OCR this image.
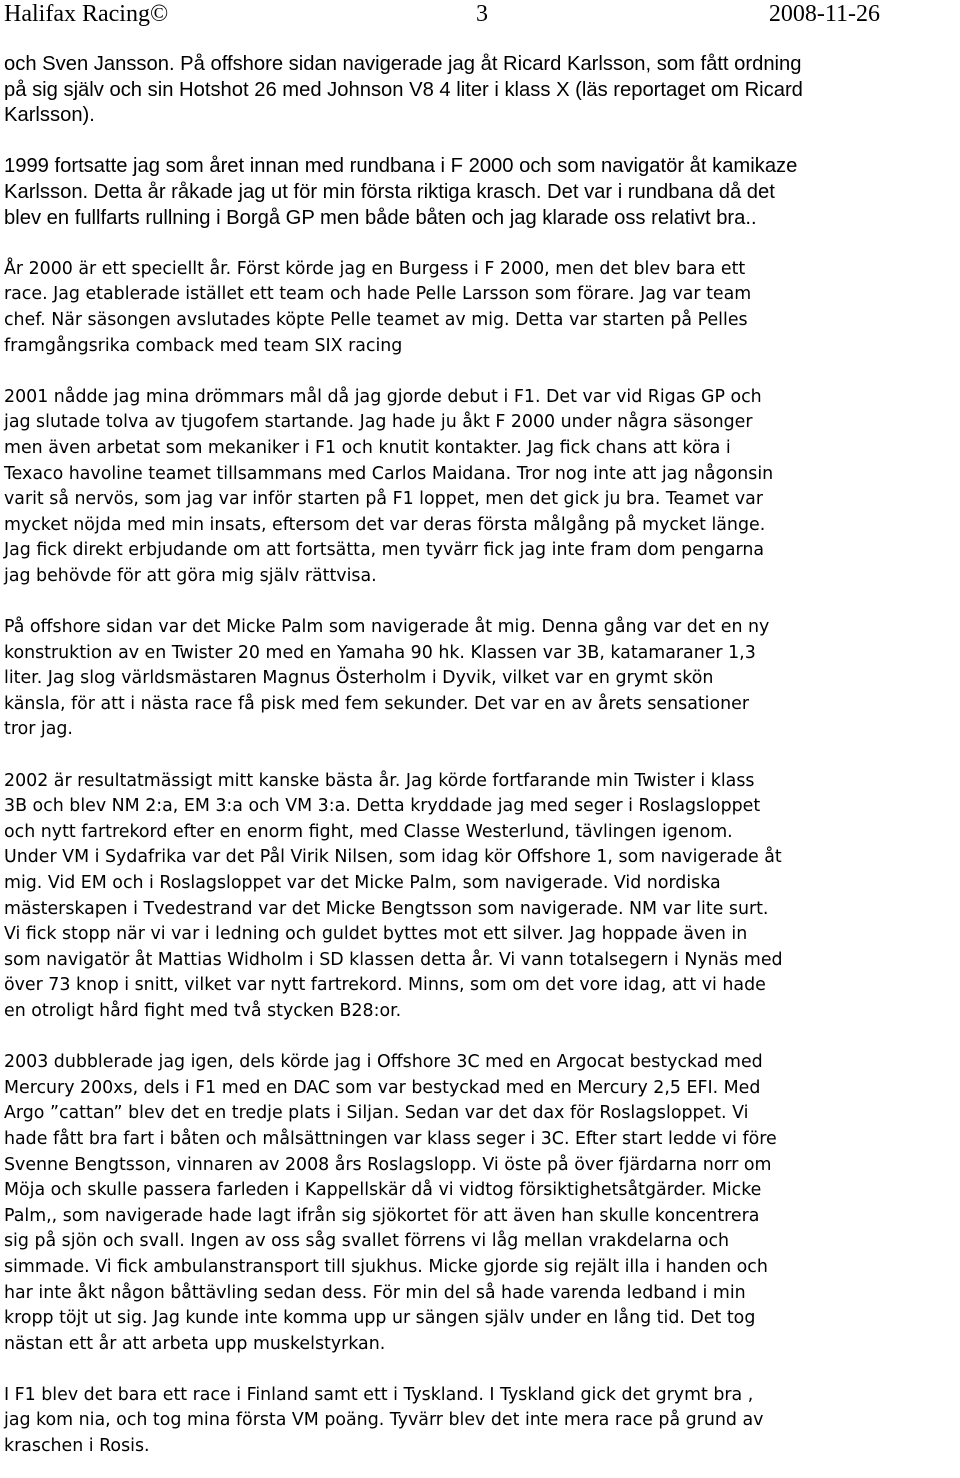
Halifax Racing©	3	2008-11-26
och Sven Jansson. På offshore sidan navigerade jag åt Ricard Karlsson, som fått ordning
på sig själv och sin Hotshot 26 med Johnson V8 4 liter i klass X (läs reportaget om Ricard
Karlsson).
1999 fortsatte jag som året innan med rundbana i F 2000 och som navigatör åt kamikaze
Karlsson. Detta år råkade jag ut för min första riktiga krasch. Det var i rundbana då det
blev en fullfarts rullning i Borgå GP men både båten och jag klarade oss relativt bra..
År 2000 är ett speciellt år. Först körde jag en Burgess i F 2000, men det blev bara ett
race. Jag etablerade istället ett team och hade Pelle Larsson som förare. Jag var team
chef. När säsongen avslutades köpte Pelle teamet av mig. Detta var starten på Pelles
framgångsrika comback med team SIX racing
2001 nådde jag mina drömmars mål då jag gjorde debut i F1. Det var vid Rigas GP och
jag slutade tolva av tjugofem startande. Jag hade ju åkt F 2000 under några säsonger
men även arbetat som mekaniker i F1 och knutit kontakter. Jag fick chans att köra i
Texaco havoline teamet tillsammans med Carlos Maidana. Tror nog inte att jag någonsin
varit så nervös, som jag var inför starten på F1 loppet, men det gick ju bra. Teamet var
mycket nöjda med min insats, eftersom det var deras första målgång på mycket länge.
Jag fick direkt erbjudande om att fortsätta, men tyvärr fick jag inte fram dom pengarna
jag behövde för att göra mig själv rättvisa.
På offshore sidan var det Micke Palm som navigerade åt mig. Denna gång var det en ny
konstruktion av en Twister 20 med en Yamaha 90 hk. Klassen var 3B, katamaraner 1,3
liter. Jag slog världsmästaren Magnus Österholm i Dyvik, vilket var en grymt skön
känsla, för att i nästa race få pisk med fem sekunder. Det var en av årets sensationer
tror jag.
2002 är resultatmässigt mitt kanske bästa år. Jag körde fortfarande min Twister i klass
3B och blev NM 2:a, EM 3:a och VM 3:a. Detta kryddade jag med seger i Roslagsloppet
och nytt fartrekord efter en enorm fight, med Classe Westerlund, tävlingen igenom.
Under VM i Sydafrika var det Pål Virik Nilsen, som idag kör Offshore 1, som navigerade åt
mig. Vid EM och i Roslagsloppet var det Micke Palm, som navigerade. Vid nordiska
mästerskapen i Tvedestrand var det Micke Bengtsson som navigerade. NM var lite surt.
Vi fick stopp när vi var i ledning och guldet byttes mot ett silver. Jag hoppade även in
som navigatör åt Mattias Widholm i SD klassen detta år. Vi vann totalsegern i Nynäs med
över 73 knop i snitt, vilket var nytt fartrekord. Minns, som om det vore idag, att vi hade
en otroligt hård fight med två stycken B28:or.
2003 dubblerade jag igen, dels körde jag i Offshore 3C med en Argocat bestyckad med
Mercury 200xs, dels i F1 med en DAC som var bestyckad med en Mercury 2,5 EFI. Med
Argo ”cattan” blev det en tredje plats i Siljan. Sedan var det dax för Roslagsloppet. Vi
hade fått bra fart i båten och målsättningen var klass seger i 3C. Efter start ledde vi före
Svenne Bengtsson, vinnaren av 2008 års Roslagslopp. Vi öste på över fjärdarna norr om
Möja och skulle passera farleden i Kappellskär då vi vidtog försiktighetsåtgärder. Micke
Palm,, som navigerade hade lagt ifrån sig sjökortet för att även han skulle koncentrera
sig på sjön och svall. Ingen av oss såg svallet förrens vi låg mellan vrakdelarna och
simmade. Vi fick ambulanstransport till sjukhus. Micke gjorde sig rejält illa i handen och
har inte åkt någon båttävling sedan dess. För min del så hade varenda ledband i min
kropp töjt ut sig. Jag kunde inte komma upp ur sängen själv under en lång tid. Det tog
nästan ett år att arbeta upp muskelstyrkan.
I F1 blev det bara ett race i Finland samt ett i Tyskland. I Tyskland gick det grymt bra ,
jag kom nia, och tog mina första VM poäng. Tyvärr blev det inte mera race på grund av
kraschen i Rosis.
